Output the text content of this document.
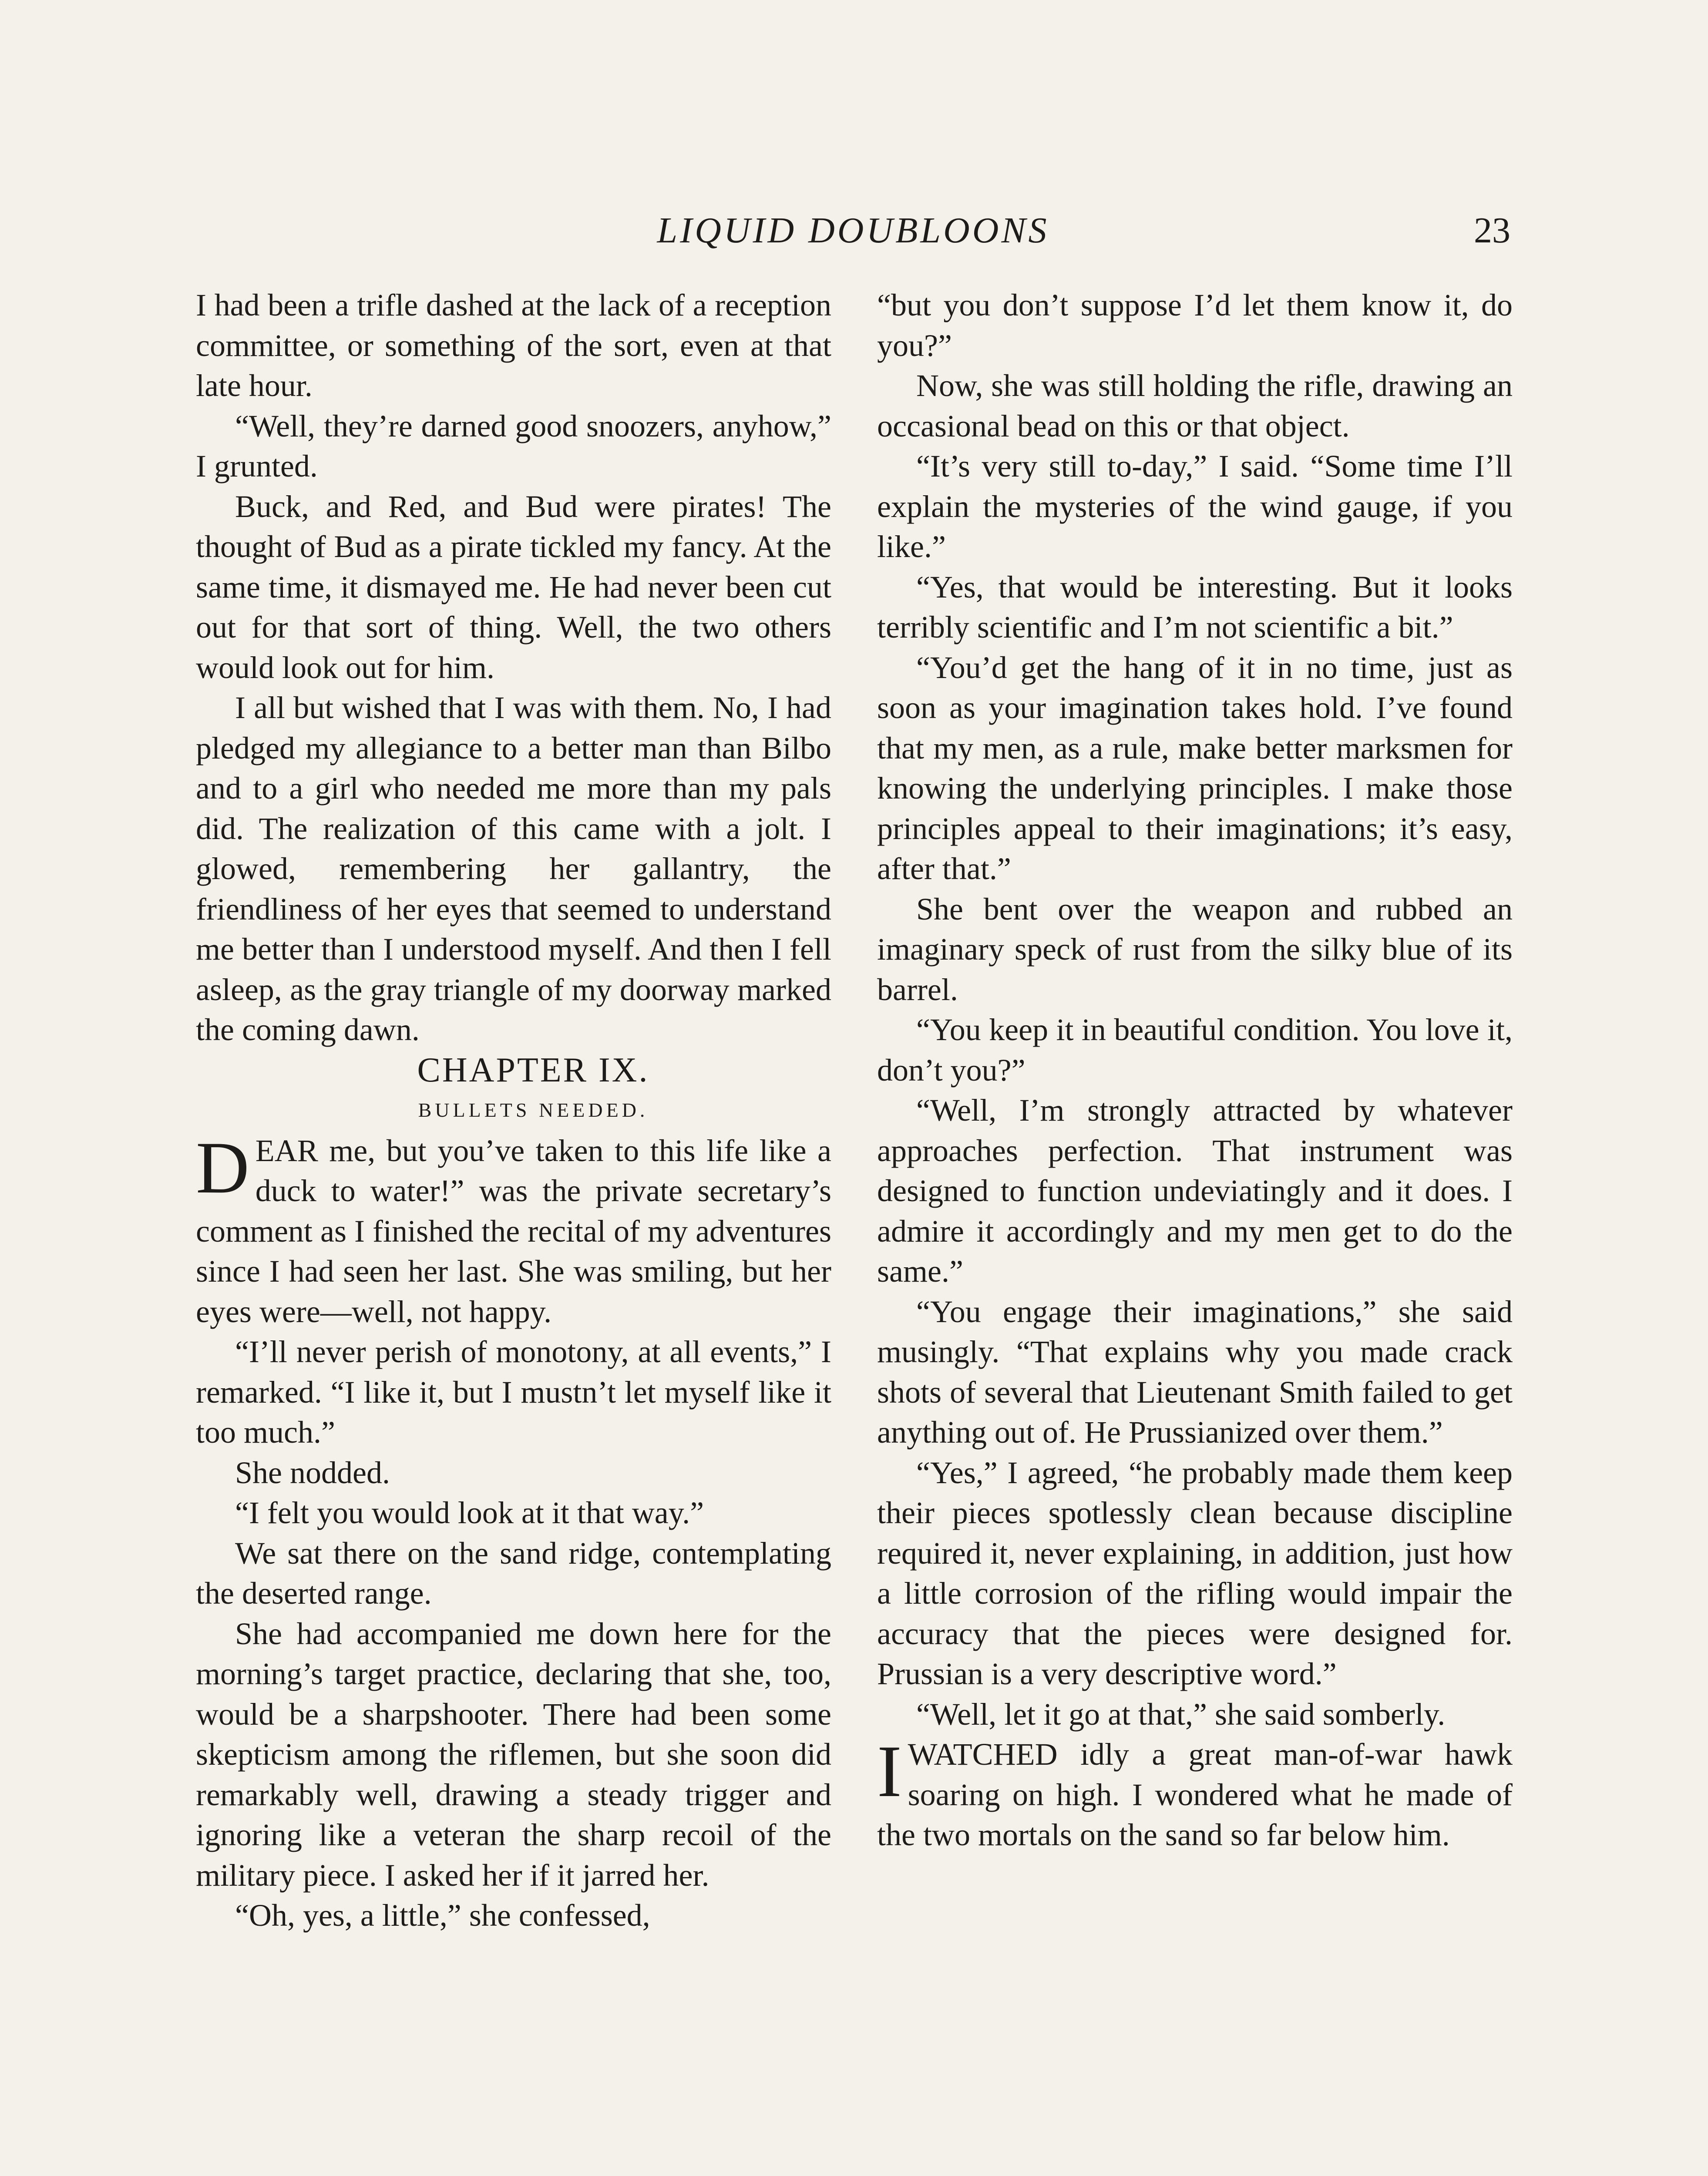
LIQUID DOUBLOONS	23

I had been a trifle dashed at the lack of a reception committee, or something of the sort, even at that late hour.

“Well, they’re darned good snoozers, anyhow,” I grunted.

Buck, and Red, and Bud were pirates! The thought of Bud as a pirate tickled my fancy. At the same time, it dismayed me. He had never been cut out for that sort of thing. Well, the two others would look out for him.

I all but wished that I was with them. No, I had pledged my allegiance to a better man than Bilbo and to a girl who needed me more than my pals did. The realization of this came with a jolt. I glowed, remembering her gallantry, the friendliness of her eyes that seemed to understand me better than I understood myself. And then I fell asleep, as the gray triangle of my doorway marked the coming dawn.

CHAPTER IX.

BULLETS NEEDED.

DEAR me, but you’ve taken to this life like a duck to water!” was the private secretary’s comment as I finished the recital of my adventures since I had seen her last. She was smiling, but her eyes were—well, not happy.

“I’ll never perish of monotony, at all events,” I remarked. “I like it, but I mustn’t let myself like it too much.”

She nodded.

“I felt you would look at it that way.”

We sat there on the sand ridge, contemplating the deserted range.

She had accompanied me down here for the morning’s target practice, declaring that she, too, would be a sharpshooter. There had been some skepticism among the riflemen, but she soon did remarkably well, drawing a steady trigger and ignoring like a veteran the sharp recoil of the military piece. I asked her if it jarred her.

“Oh, yes, a little,” she confessed,

“but you don’t suppose I’d let them know it, do you?”

Now, she was still holding the rifle, drawing an occasional bead on this or that object.

“It’s very still to-day,” I said. “Some time I’ll explain the mysteries of the wind gauge, if you like.”

“Yes, that would be interesting. But it looks terribly scientific and I’m not scientific a bit.”

“You’d get the hang of it in no time, just as soon as your imagination takes hold. I’ve found that my men, as a rule, make better marksmen for knowing the underlying principles. I make those principles appeal to their imaginations; it’s easy, after that.”

She bent over the weapon and rubbed an imaginary speck of rust from the silky blue of its barrel.

“You keep it in beautiful condition. You love it, don’t you?”

“Well, I’m strongly attracted by whatever approaches perfection. That instrument was designed to function undeviatingly and it does. I admire it accordingly and my men get to do the same.”

“You engage their imaginations,” she said musingly. “That explains why you made crack shots of several that Lieutenant Smith failed to get anything out of. He Prussianized over them.”

“Yes,” I agreed, “he probably made them keep their pieces spotlessly clean because discipline required it, never explaining, in addition, just how a little corrosion of the rifling would impair the accuracy that the pieces were designed for. Prussian is a very descriptive word.”

“Well, let it go at that,” she said somberly.

IWATCHED idly a great man-of-war hawk soaring on high. I wondered what he made of the two mortals on the sand so far below him.
